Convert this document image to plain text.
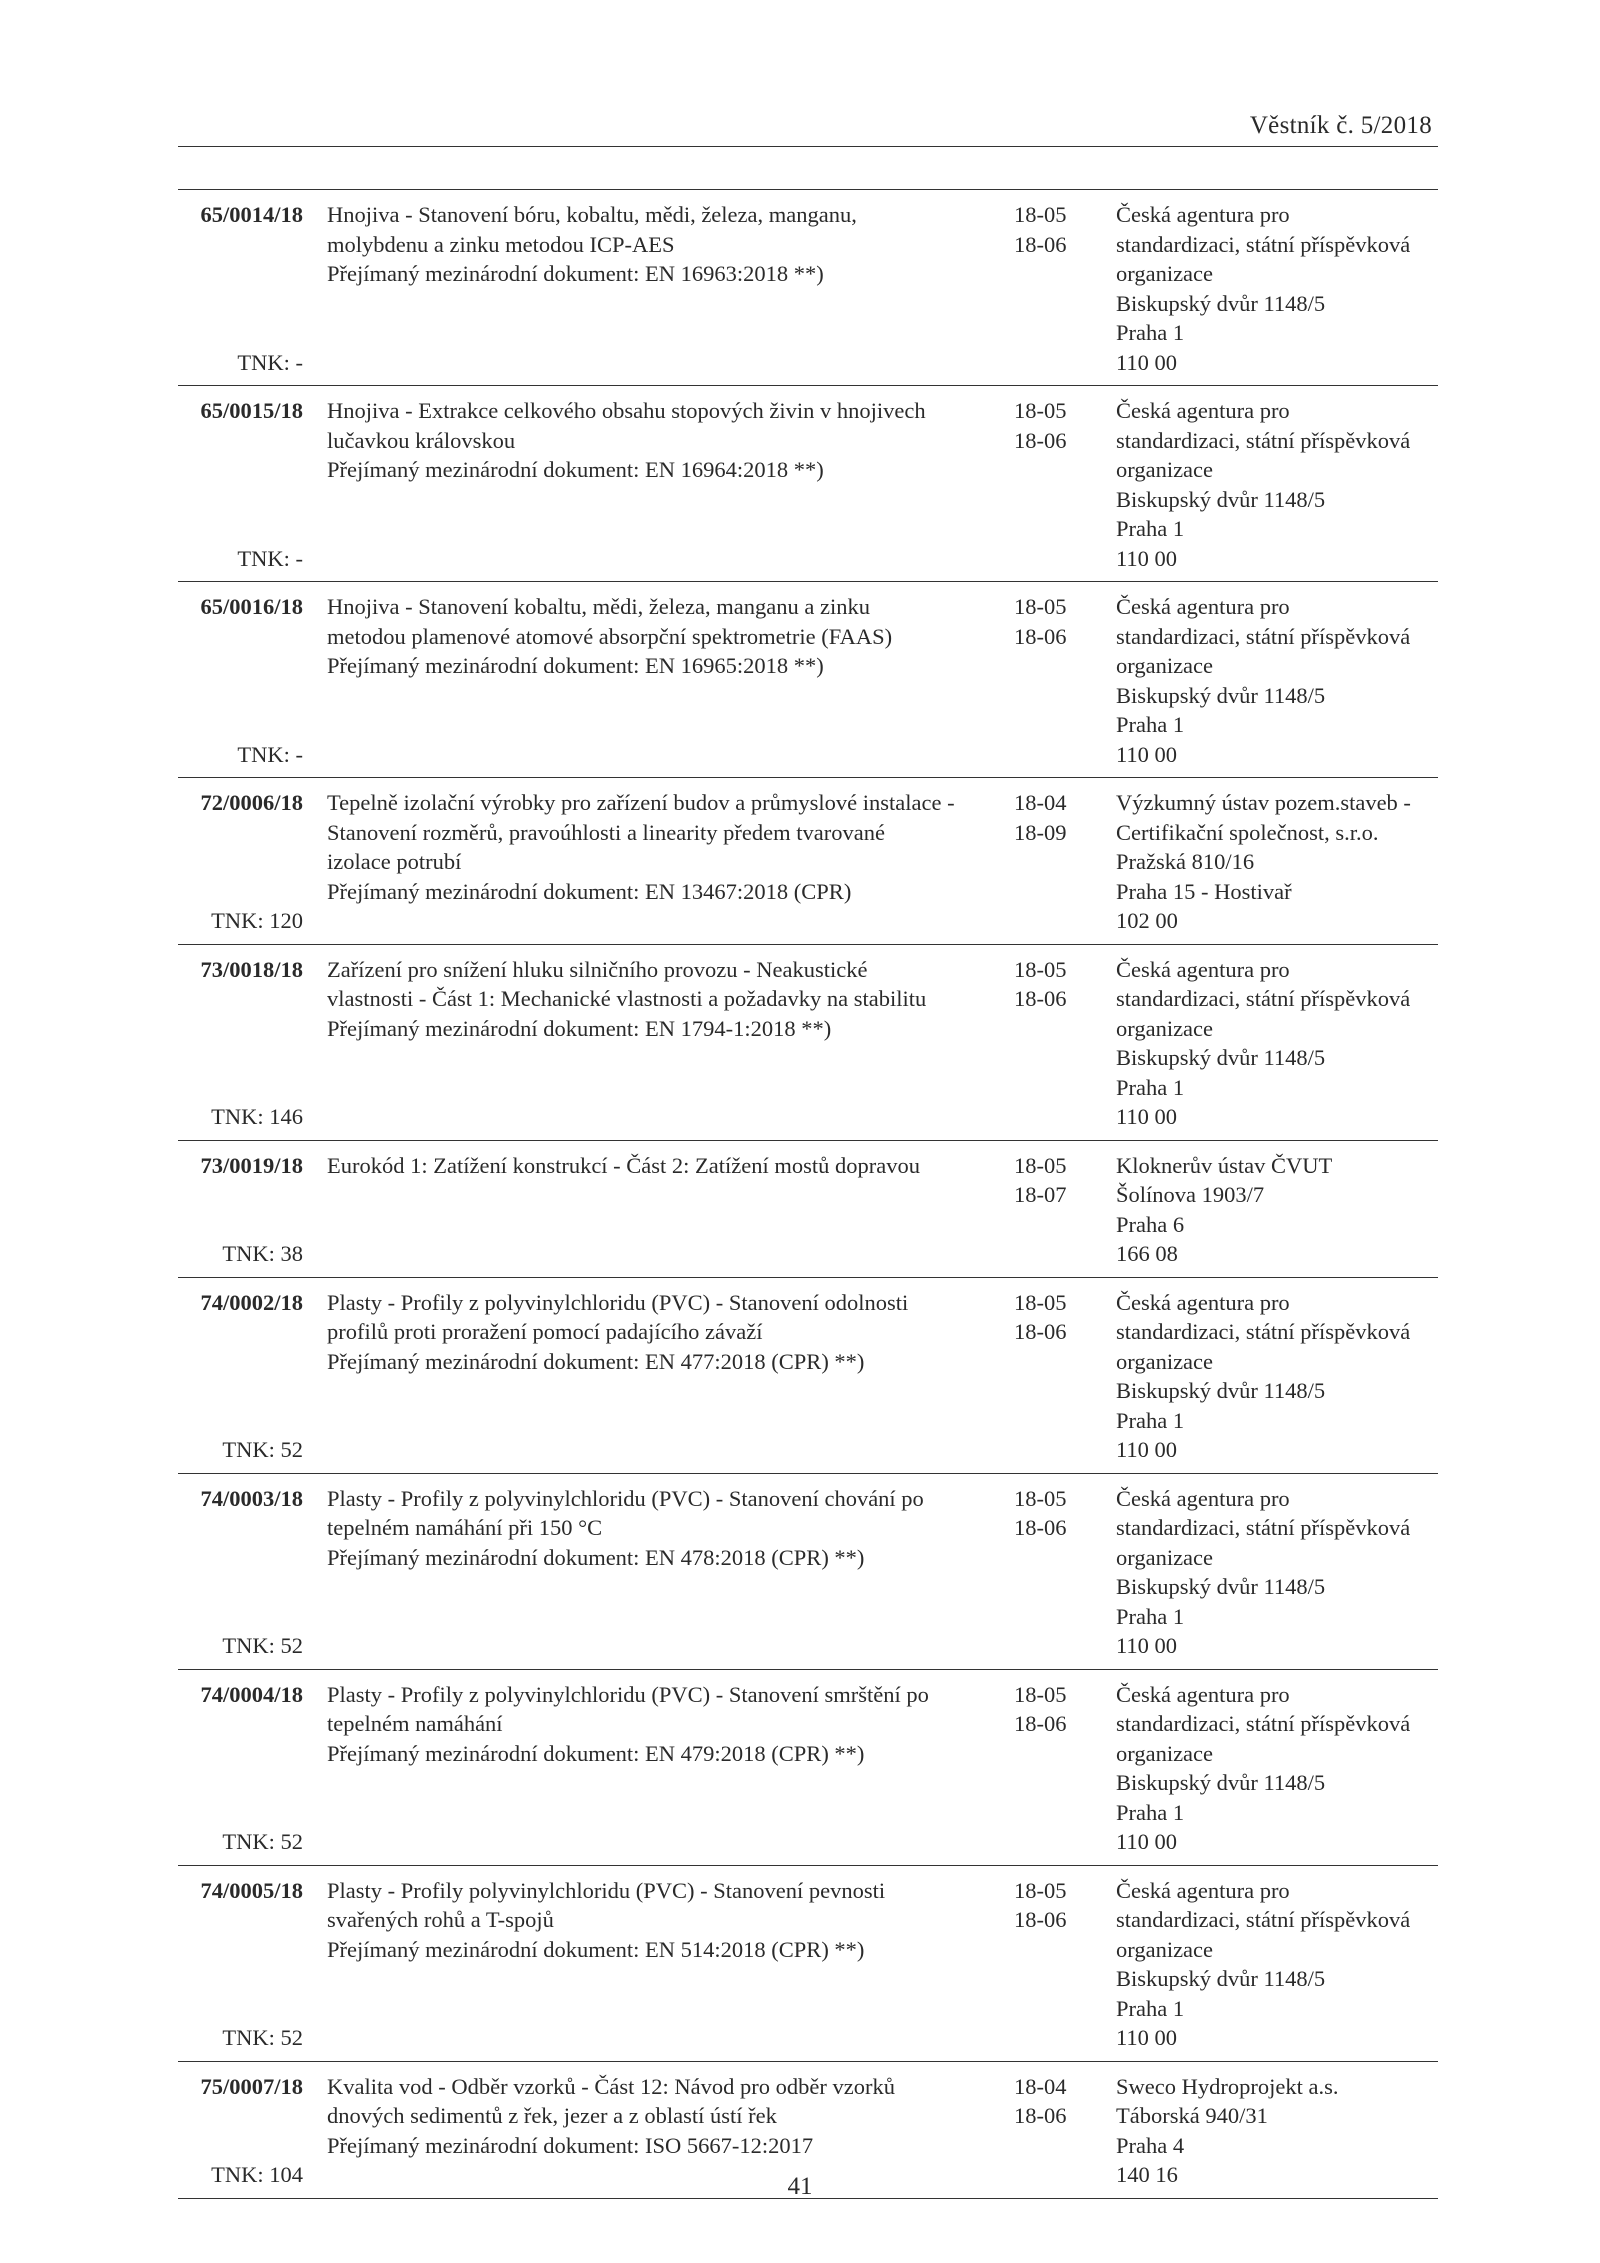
Věstník č. 5/2018
65/0014/18
TNK: -
Hnojiva - Stanovení bóru, kobaltu, mědi, železa, manganu,
molybdenu a zinku metodou ICP-AES
Přejímaný mezinárodní dokument: EN 16963:2018 **)
18-05
18-06
Česká agentura pro
standardizaci, státní příspěvková
organizace
Biskupský dvůr 1148/5
Praha 1
110 00
65/0015/18
TNK: -
Hnojiva - Extrakce celkového obsahu stopových živin v hnojivech
lučavkou královskou
Přejímaný mezinárodní dokument: EN 16964:2018 **)
18-05
18-06
Česká agentura pro
standardizaci, státní příspěvková
organizace
Biskupský dvůr 1148/5
Praha 1
110 00
65/0016/18
TNK: -
Hnojiva - Stanovení kobaltu, mědi, železa, manganu a zinku
metodou plamenové atomové absorpční spektrometrie (FAAS)
Přejímaný mezinárodní dokument: EN 16965:2018 **)
18-05
18-06
Česká agentura pro
standardizaci, státní příspěvková
organizace
Biskupský dvůr 1148/5
Praha 1
110 00
72/0006/18
TNK: 120
Tepelně izolační výrobky pro zařízení budov a průmyslové instalace -
Stanovení rozměrů, pravoúhlosti a linearity předem tvarované
izolace potrubí
Přejímaný mezinárodní dokument: EN 13467:2018 (CPR)
18-04
18-09
Výzkumný ústav pozem.staveb -
Certifikační společnost, s.r.o.
Pražská 810/16
Praha 15 - Hostivař
102 00
73/0018/18
TNK: 146
Zařízení pro snížení hluku silničního provozu - Neakustické
vlastnosti - Část 1: Mechanické vlastnosti a požadavky na stabilitu
Přejímaný mezinárodní dokument: EN 1794-1:2018 **)
18-05
18-06
Česká agentura pro
standardizaci, státní příspěvková
organizace
Biskupský dvůr 1148/5
Praha 1
110 00
73/0019/18
TNK: 38
Eurokód 1: Zatížení konstrukcí - Část 2: Zatížení mostů dopravou	18-05
18-07
Kloknerův ústav ČVUT
Šolínova 1903/7
Praha 6
166 08
74/0002/18
TNK: 52
Plasty - Profily z polyvinylchloridu (PVC) - Stanovení odolnosti
profilů proti proražení pomocí padajícího závaží
Přejímaný mezinárodní dokument: EN 477:2018 (CPR) **)
18-05
18-06
Česká agentura pro
standardizaci, státní příspěvková
organizace
Biskupský dvůr 1148/5
Praha 1
110 00
74/0003/18
TNK: 52
Plasty - Profily z polyvinylchloridu (PVC) - Stanovení chování po
tepelném namáhání při 150 °C
Přejímaný mezinárodní dokument: EN 478:2018 (CPR) **)
18-05
18-06
Česká agentura pro
standardizaci, státní příspěvková
organizace
Biskupský dvůr 1148/5
Praha 1
110 00
74/0004/18
TNK: 52
Plasty - Profily z polyvinylchloridu (PVC) - Stanovení smrštění po
tepelném namáhání
Přejímaný mezinárodní dokument: EN 479:2018 (CPR) **)
18-05
18-06
Česká agentura pro
standardizaci, státní příspěvková
organizace
Biskupský dvůr 1148/5
Praha 1
110 00
74/0005/18
TNK: 52
Plasty - Profily polyvinylchloridu (PVC) - Stanovení pevnosti
svařených rohů a T-spojů
Přejímaný mezinárodní dokument: EN 514:2018 (CPR) **)
18-05
18-06
Česká agentura pro
standardizaci, státní příspěvková
organizace
Biskupský dvůr 1148/5
Praha 1
110 00
75/0007/18
TNK: 104
Kvalita vod - Odběr vzorků - Část 12: Návod pro odběr vzorků
dnových sedimentů z řek, jezer a z oblastí ústí řek
Přejímaný mezinárodní dokument: ISO 5667-12:2017
18-04
18-06
Sweco Hydroprojekt a.s.
Táborská 940/31
Praha 4
140 16
41
